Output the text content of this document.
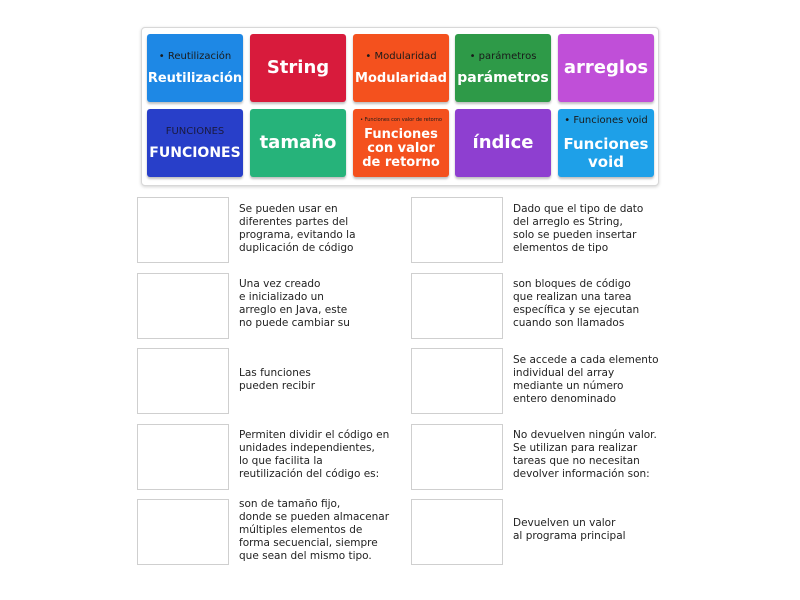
• Reutilización
Reutilización String
• Modularidad
Modularidad
• parámetros
parámetros arreglos
FUNCIONES
FUNCIONES tamaño
• Funciones con valor de retorno
Funciones
con valor
de retorno
índice
• Funciones void
Funciones
void
Se pueden usar en
diferentes partes del
programa, evitando la
duplicación de código
Una vez creado
e inicializado un
arreglo en Java, este
no puede cambiar su
Las funciones
pueden recibir
Permiten dividir el código en
unidades independientes,
lo que facilita la
reutilización del código es:
son de tamaño fijo,
donde se pueden almacenar
múltiples elementos de
forma secuencial, siempre
que sean del mismo tipo.
Dado que el tipo de dato
del arreglo es String,
solo se pueden insertar
elementos de tipo
son bloques de código
que realizan una tarea
específica y se ejecutan
cuando son llamados
Se accede a cada elemento
individual del array
mediante un número
entero denominado
No devuelven ningún valor.
Se utilizan para realizar
tareas que no necesitan
devolver información son:
Devuelven un valor
al programa principal
